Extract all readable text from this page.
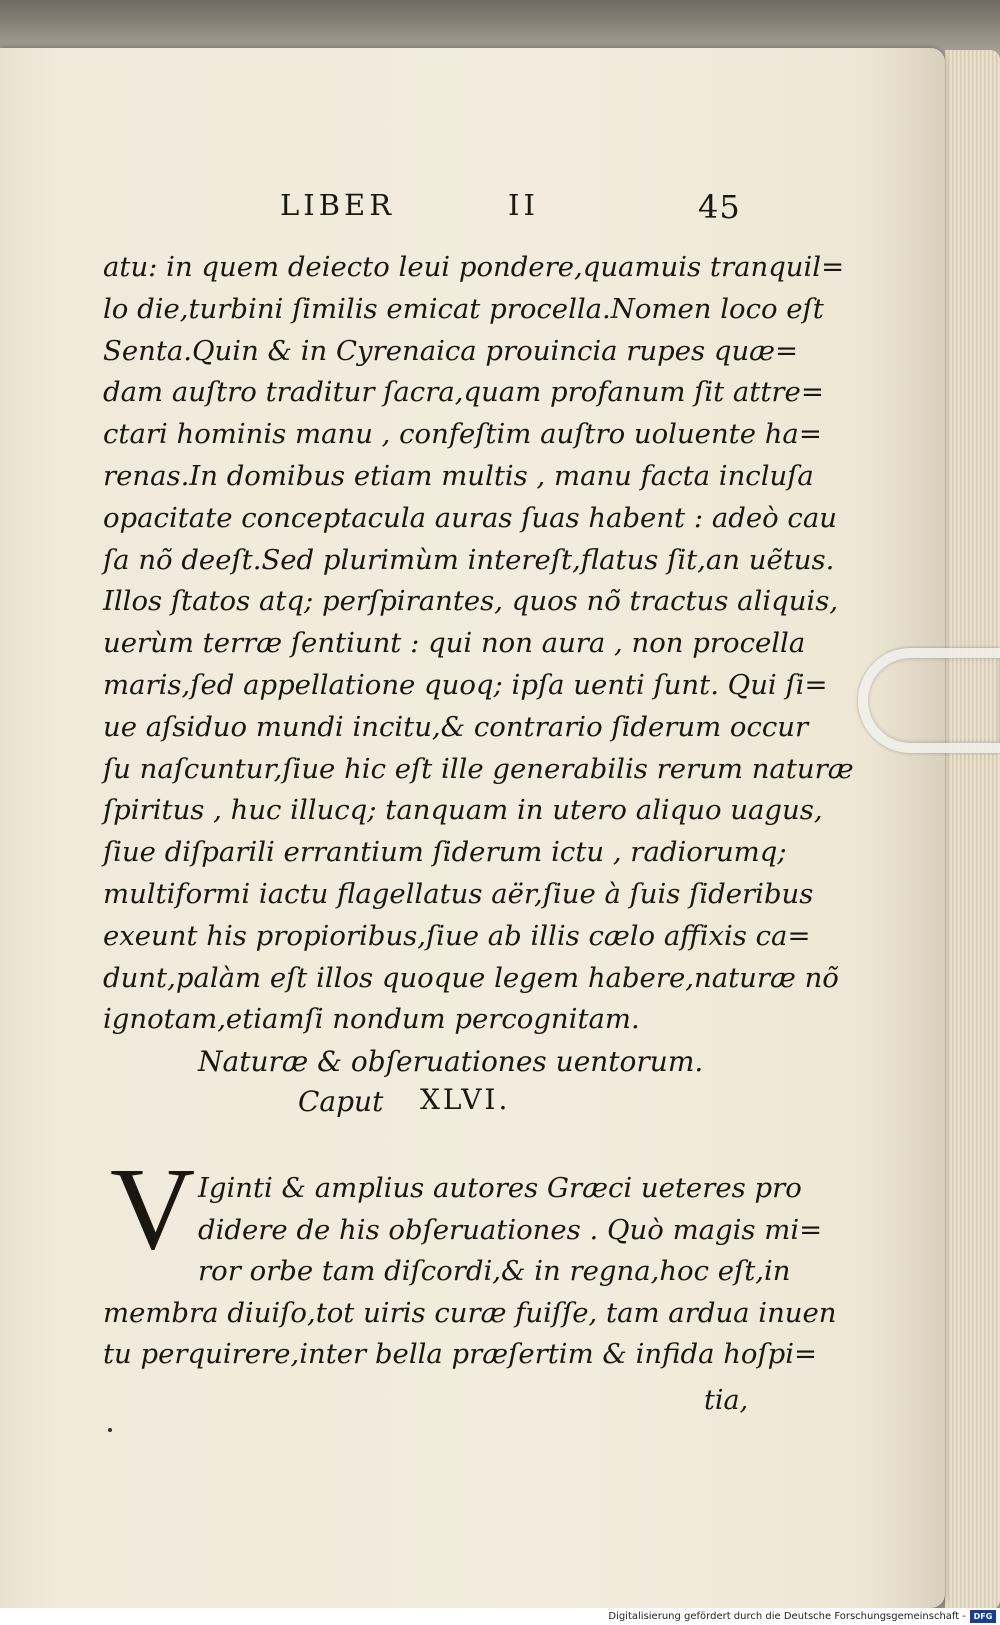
LIBER	II	45
atu: in quem deiecto leui pondere,quamuis tranquil=
lo die,turbini ſimilis emicat procella.Nomen loco eſt
Senta.Quin & in Cyrenaica prouincia rupes quæ=
dam auſtro traditur ſacra,quam profanum ſit attre=
ctari hominis manu , confeſtim auſtro uoluente ha=
renas.In domibus etiam multis , manu facta incluſa
opacitate conceptacula auras ſuas habent : adeò cau
ſa nõ deeſt.Sed plurimùm intereſt,flatus ſit,an uẽtus.
Illos ſtatos atq; perſpirantes, quos nõ tractus aliquis,
uerùm terræ ſentiunt : qui non aura , non procella
maris,ſed appellatione quoq; ipſa uenti ſunt. Qui ſi=
ue aſsiduo mundi incitu,& contrario ſiderum occur
ſu naſcuntur,ſiue hic eſt ille generabilis rerum naturæ
ſpiritus , huc illucq; tanquam in utero aliquo uagus,
ſiue diſparili errantium ſiderum ictu , radiorumq;
multiformi iactu flagellatus aër,ſiue à ſuis ſideribus
exeunt his propioribus,ſiue ab illis cælo affixis ca=
dunt,palàm eſt illos quoque legem habere,naturæ nõ
ignotam,etiamſi nondum percognitam.
Naturæ & obſeruationes uentorum.
Caput XLVI.
V Iginti & amplius autores Græci ueteres pro
didere de his obſeruationes . Quò magis mi=
ror orbe tam diſcordi,& in regna,hoc eſt,in
membra diuiſo,tot uiris curæ fuiſſe, tam ardua inuen
tu perquirere,inter bella præſertim & infida hoſpi=
tia,
Digitalisierung gefördert durch die Deutsche Forschungsgemeinschaft - DFG
